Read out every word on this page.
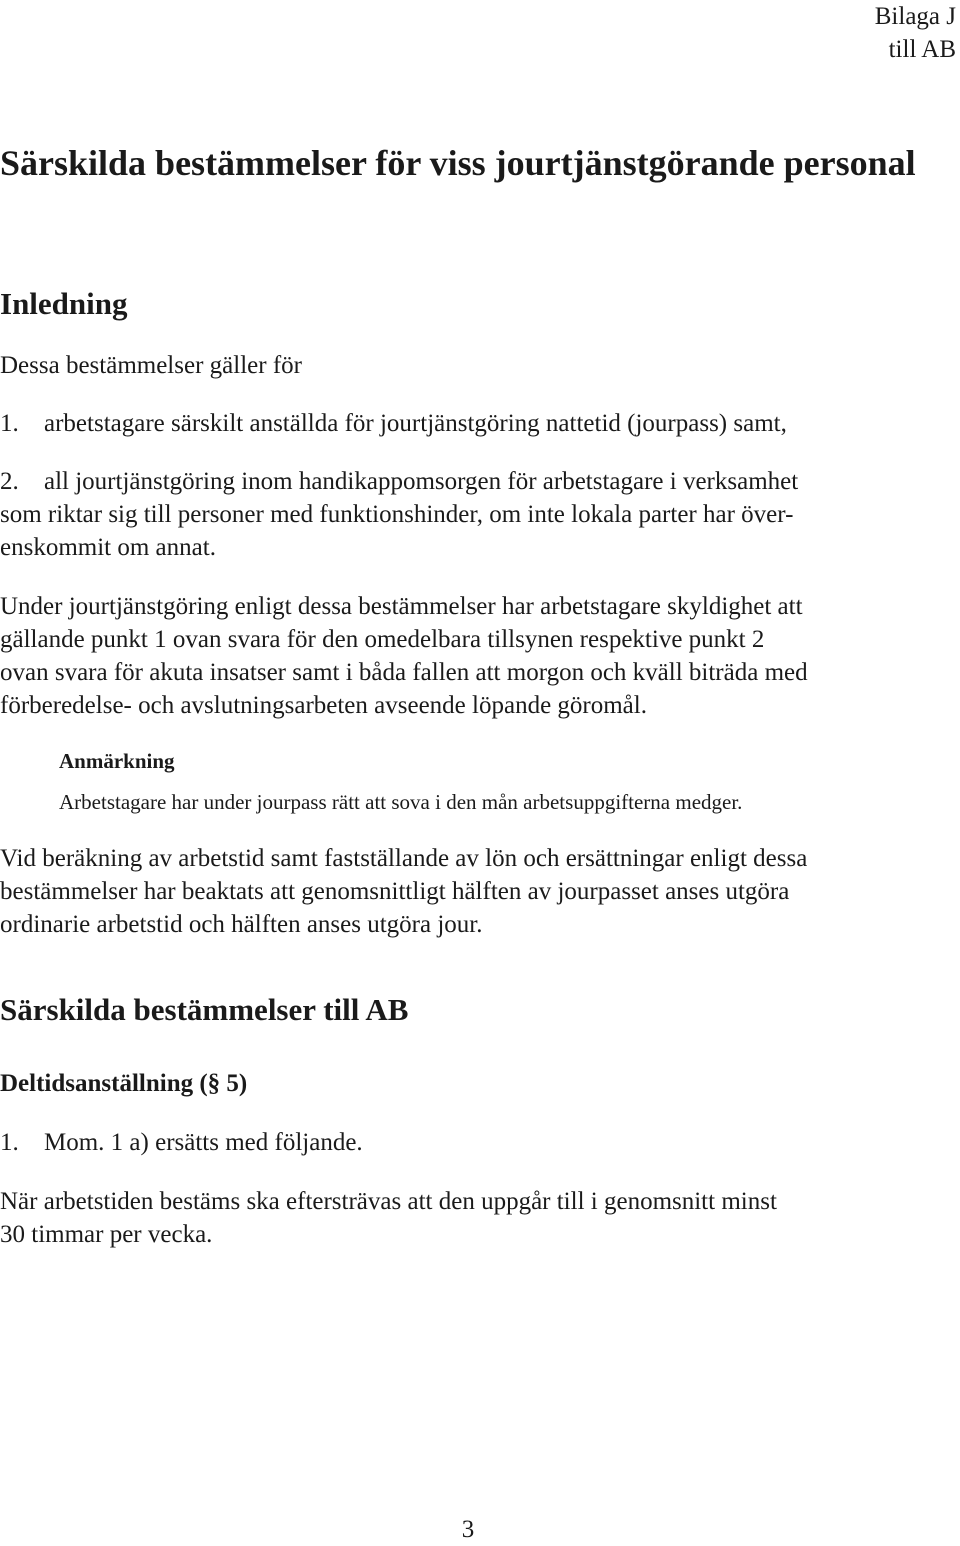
Bilaga J
till AB
Särskilda bestämmelser för viss jourtjänstgörande personal
Inledning

Dessa bestämmelser gäller för

1. arbetstagare särskilt anställda för jourtjänstgöring nattetid (jourpass) samt,

2. all jourtjänstgöring inom handikappomsorgen för arbetstagare i verksamhet
som riktar sig till personer med funktionshinder, om inte lokala parter har över-
enskommit om annat.
Under jourtjänstgöring enligt dessa bestämmelser har arbetstagare skyldighet att
gällande punkt 1 ovan svara för den omedelbara tillsynen respektive punkt 2
ovan svara för akuta insatser samt i båda fallen att morgon och kväll biträda med
förberedelse- och avslutningsarbeten avseende löpande göromål.
Anmärkning
Arbetstagare har under jourpass rätt att sova i den mån arbetsuppgifterna medger.
Vid beräkning av arbetstid samt fastställande av lön och ersättningar enligt dessa
bestämmelser har beaktats att genomsnittligt hälften av jourpasset anses utgöra
ordinarie arbetstid och hälften anses utgöra jour.
Särskilda bestämmelser till AB
Deltidsanställning (§ 5)

1. Mom. 1 a) ersätts med följande.

När arbetstiden bestäms ska eftersträvas att den uppgår till i genomsnitt minst
30 timmar per vecka.
3
